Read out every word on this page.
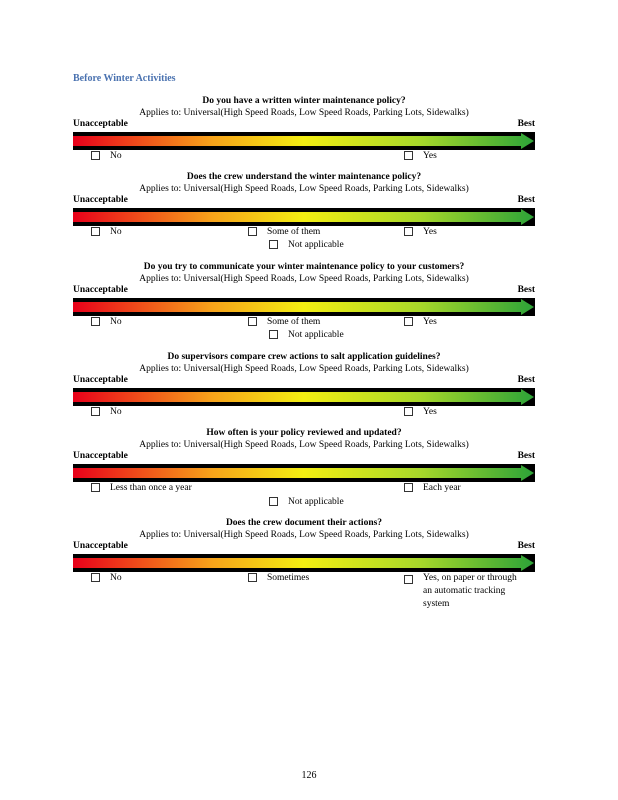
Before Winter Activities
Do you have a written winter maintenance policy?
Applies to: Universal(High Speed Roads, Low Speed Roads, Parking Lots, Sidewalks)
Unacceptable	Best
No	Yes
Does the crew understand the winter maintenance policy?
Applies to: Universal(High Speed Roads, Low Speed Roads, Parking Lots, Sidewalks)
Unacceptable	Best
No	Some of them	Yes
Not applicable
Do you try to communicate your winter maintenance policy to your customers?
Applies to: Universal(High Speed Roads, Low Speed Roads, Parking Lots, Sidewalks)
Unacceptable	Best
No	Some of them	Yes
Not applicable
Do supervisors compare crew actions to salt application guidelines?
Applies to: Universal(High Speed Roads, Low Speed Roads, Parking Lots, Sidewalks)
Unacceptable	Best
No	Yes
How often is your policy reviewed and updated?
Applies to: Universal(High Speed Roads, Low Speed Roads, Parking Lots, Sidewalks)
Unacceptable	Best
Less than once a year	Each year
Not applicable
Does the crew document their actions?
Applies to: Universal(High Speed Roads, Low Speed Roads, Parking Lots, Sidewalks)
Unacceptable	Best
No	Sometimes	Yes, on paper or through an automatic tracking system
126
